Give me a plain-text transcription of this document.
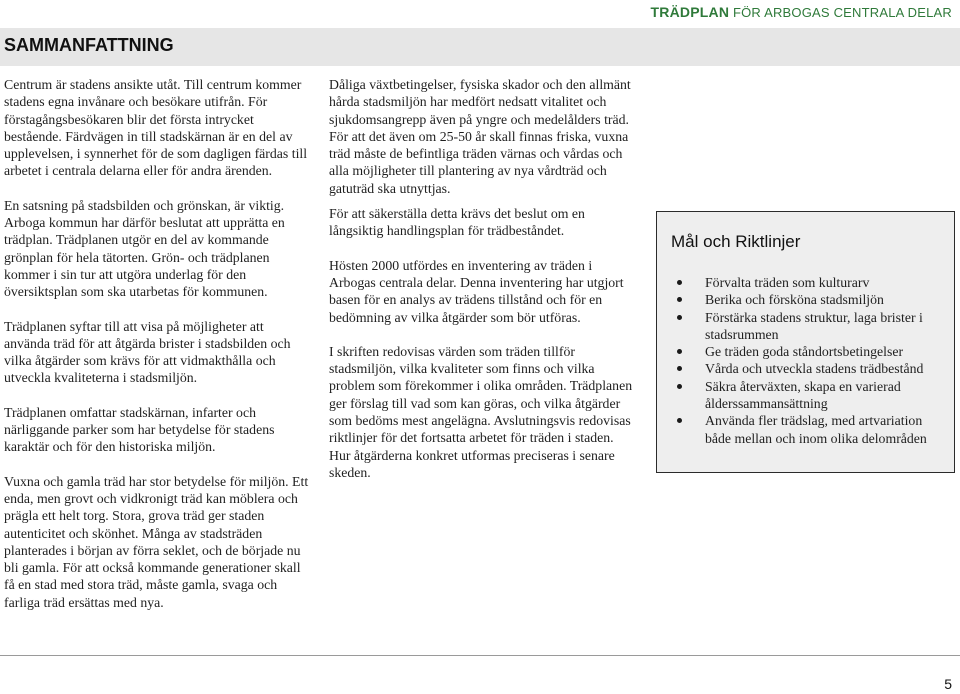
TRÄDPLAN FÖR ARBOGAS CENTRALA DELAR
SAMMANFATTNING

Centrum är stadens ansikte utåt. Till centrum kommer stadens egna invånare och besökare utifrån. För förstagångsbesökaren blir det första intrycket bestående. Färdvägen in till stadskärnan är en del av upplevelsen, i synnerhet för de som dagligen färdas till arbetet i centrala delarna eller för andra ärenden.

En satsning på stadsbilden och grönskan, är viktig. Arboga kommun har därför beslutat att upprätta en trädplan. Trädplanen utgör en del av kommande grönplan för hela tätorten. Grön- och trädplanen kommer i sin tur att utgöra underlag för den översiktsplan som ska utarbetas för kommunen.

Trädplanen syftar till att visa på möjligheter att använda träd för att åtgärda brister i stadsbilden och vilka åtgärder som krävs för att vidmakthålla och utveckla kvaliteterna i stadsmiljön.

Trädplanen omfattar stadskärnan, infarter och närliggande parker som har betydelse för stadens karaktär och för den historiska miljön.

Vuxna och gamla träd har stor betydelse för miljön. Ett enda, men grovt och vidkronigt träd kan möblera och prägla ett helt torg. Stora, grova träd ger staden autenticitet och skönhet. Många av stadsträden planterades i början av förra seklet, och de började nu bli gamla. För att också kommande generationer skall få en stad med stora träd, måste gamla, svaga och farliga träd ersättas med nya.

Dåliga växtbetingelser, fysiska skador och den allmänt hårda stadsmiljön har medfört nedsatt vitalitet och sjukdomsangrepp även på yngre och medelålders träd. För att det även om 25-50 år skall finnas friska, vuxna träd måste de befintliga träden värnas och vårdas och alla möjligheter till plantering av nya vårdträd och gatuträd ska utnyttjas.

För att säkerställa detta krävs det beslut om en långsiktig handlingsplan för trädbeståndet.

Hösten 2000 utfördes en inventering av träden i Arbogas centrala delar. Denna inventering har utgjort basen för en analys av trädens tillstånd och för en bedömning av vilka åtgärder som bör utföras.

I skriften redovisas värden som träden tillför stadsmiljön, vilka kvaliteter som finns och vilka problem som förekommer i olika områden. Trädplanen ger förslag till vad som kan göras, och vilka åtgärder som bedöms mest angelägna. Avslutningsvis redovisas riktlinjer för det fortsatta arbetet för träden i staden. Hur åtgärderna konkret utformas preciseras i senare skeden.

Mål och Riktlinjer
Förvalta träden som kulturarv
Berika och försköna stadsmiljön
Förstärka stadens struktur, laga brister i stadsrummen
Ge träden goda ståndortsbetingelser
Vårda och utveckla stadens trädbestånd
Säkra återväxten, skapa en varierad ålderssammansättning
Använda fler trädslag, med artvariation både mellan och inom olika delområden
5
